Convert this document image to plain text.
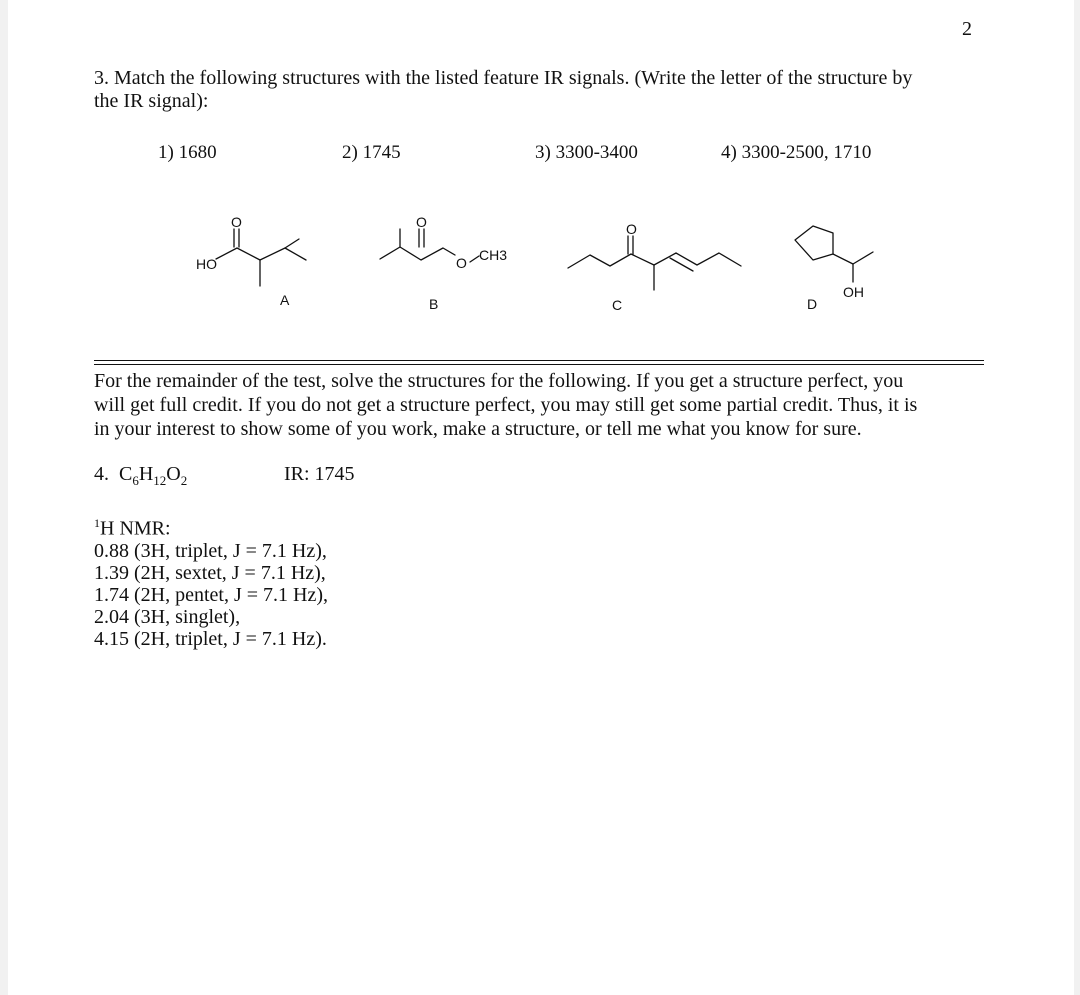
2
3. Match the following structures with the listed feature IR signals. (Write the letter of the structure by
the IR signal):
1) 1680	2) 1745	3) 3300-3400	4) 3300-2500, 1710
O
HO
O
O CH3
O
OH
A	B	C	D
For the remainder of the test, solve the structures for the following. If you get a structure perfect, you
will get full credit. If you do not get a structure perfect, you may still get some partial credit. Thus, it is
in your interest to show some of you work, make a structure, or tell me what you know for sure.
4. $C_6H_{12}O_2$	IR: 1745
$^1$H NMR:
0.88 (3H, triplet, J = 7.1 Hz),
1.39 (2H, sextet, J = 7.1 Hz),
1.74 (2H, pentet, J = 7.1 Hz),
2.04 (3H, singlet),
4.15 (2H, triplet, J = 7.1 Hz).
